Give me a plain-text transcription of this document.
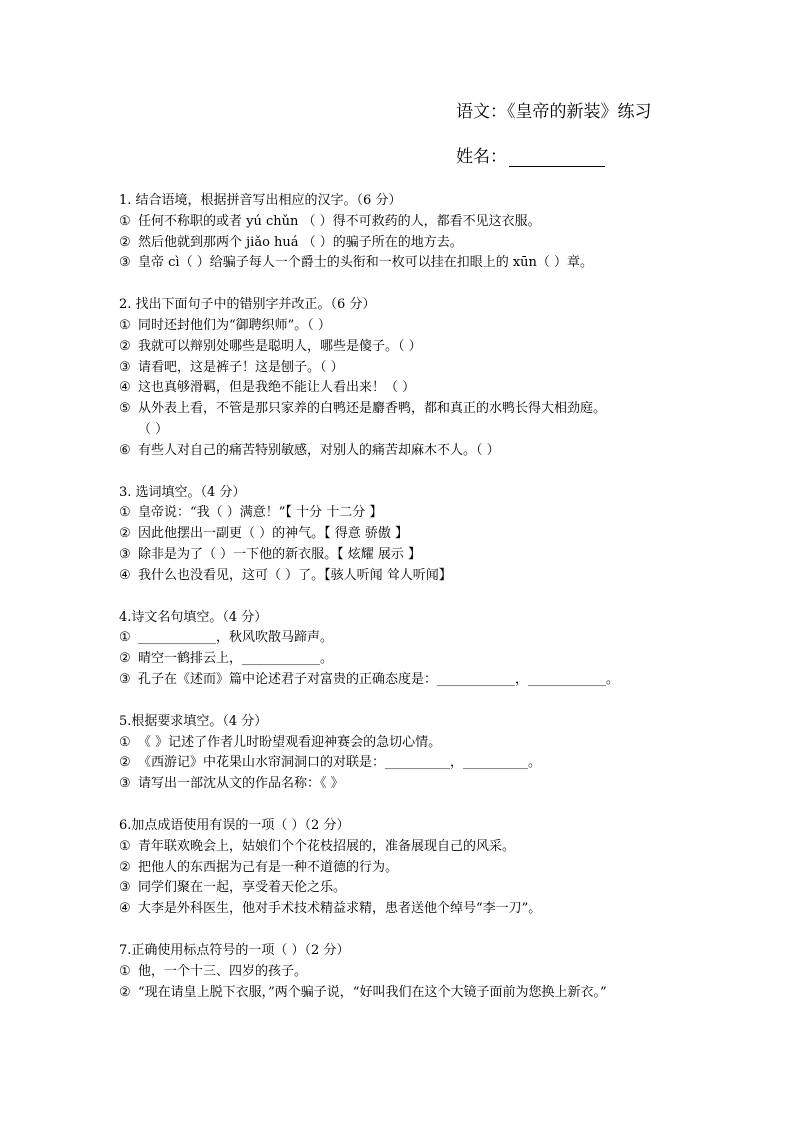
语文：《皇帝的新装》练习
姓名：
1. 结合语境，根据拼音写出相应的汉字。（6 分）
① 任何不称职的或者 yú chǔn （ ）得不可救药的人，都看不见这衣服。
② 然后他就到那两个 jiǎo huá （ ）的骗子所在的地方去。
③ 皇帝 cì（ ）给骗子每人一个爵士的头衔和一枚可以挂在扣眼上的 xūn（ ）章。
2. 找出下面句子中的错别字并改正。（6 分）
① 同时还封他们为“御聘织师”。（ ）
② 我就可以辩别处哪些是聪明人，哪些是傻子。（ ）
③ 请看吧，这是裤子！这是刨子。（ ）
④ 这也真够滑羁，但是我绝不能让人看出来！（ ）
⑤ 从外表上看，不管是那只家养的白鸭还是麝香鸭，都和真正的水鸭长得大相劲庭。
（ ）
⑥ 有些人对自己的痛苦特别敏感，对别人的痛苦却麻木不人。（ ）
3. 选词填空。（4 分）
① 皇帝说：“我（ ）满意！”【 十分 十二分 】
② 因此他摆出一副更（ ）的神气。【 得意 骄傲 】
③ 除非是为了（ ）一下他的新衣服。【 炫耀 展示 】
④ 我什么也没看见，这可（ ）了。【骇人听闻 耸人听闻】
4.诗文名句填空。（4 分）
① ____________，秋风吹散马蹄声。
② 晴空一鹤排云上，____________。
③ 孔子在《述而》篇中论述君子对富贵的正确态度是：____________，____________。
5.根据要求填空。（4 分）
① 《 》记述了作者儿时盼望观看迎神赛会的急切心情。
② 《西游记》中花果山水帘洞洞口的对联是：__________，__________。
③ 请写出一部沈从文的作品名称：《 》
6.加点成语使用有误的一项（ ）（2 分）
① 青年联欢晚会上，姑娘们个个花枝招展的，准备展现自己的风采。
② 把他人的东西据为己有是一种不道德的行为。
③ 同学们聚在一起，享受着天伦之乐。
④ 大李是外科医生，他对手术技术精益求精，患者送他个绰号“李一刀”。
7.正确使用标点符号的一项（ ）（2 分）
① 他，一个十三、四岁的孩子。
② “现在请皇上脱下衣服，”两个骗子说，“好叫我们在这个大镜子面前为您换上新衣。”
